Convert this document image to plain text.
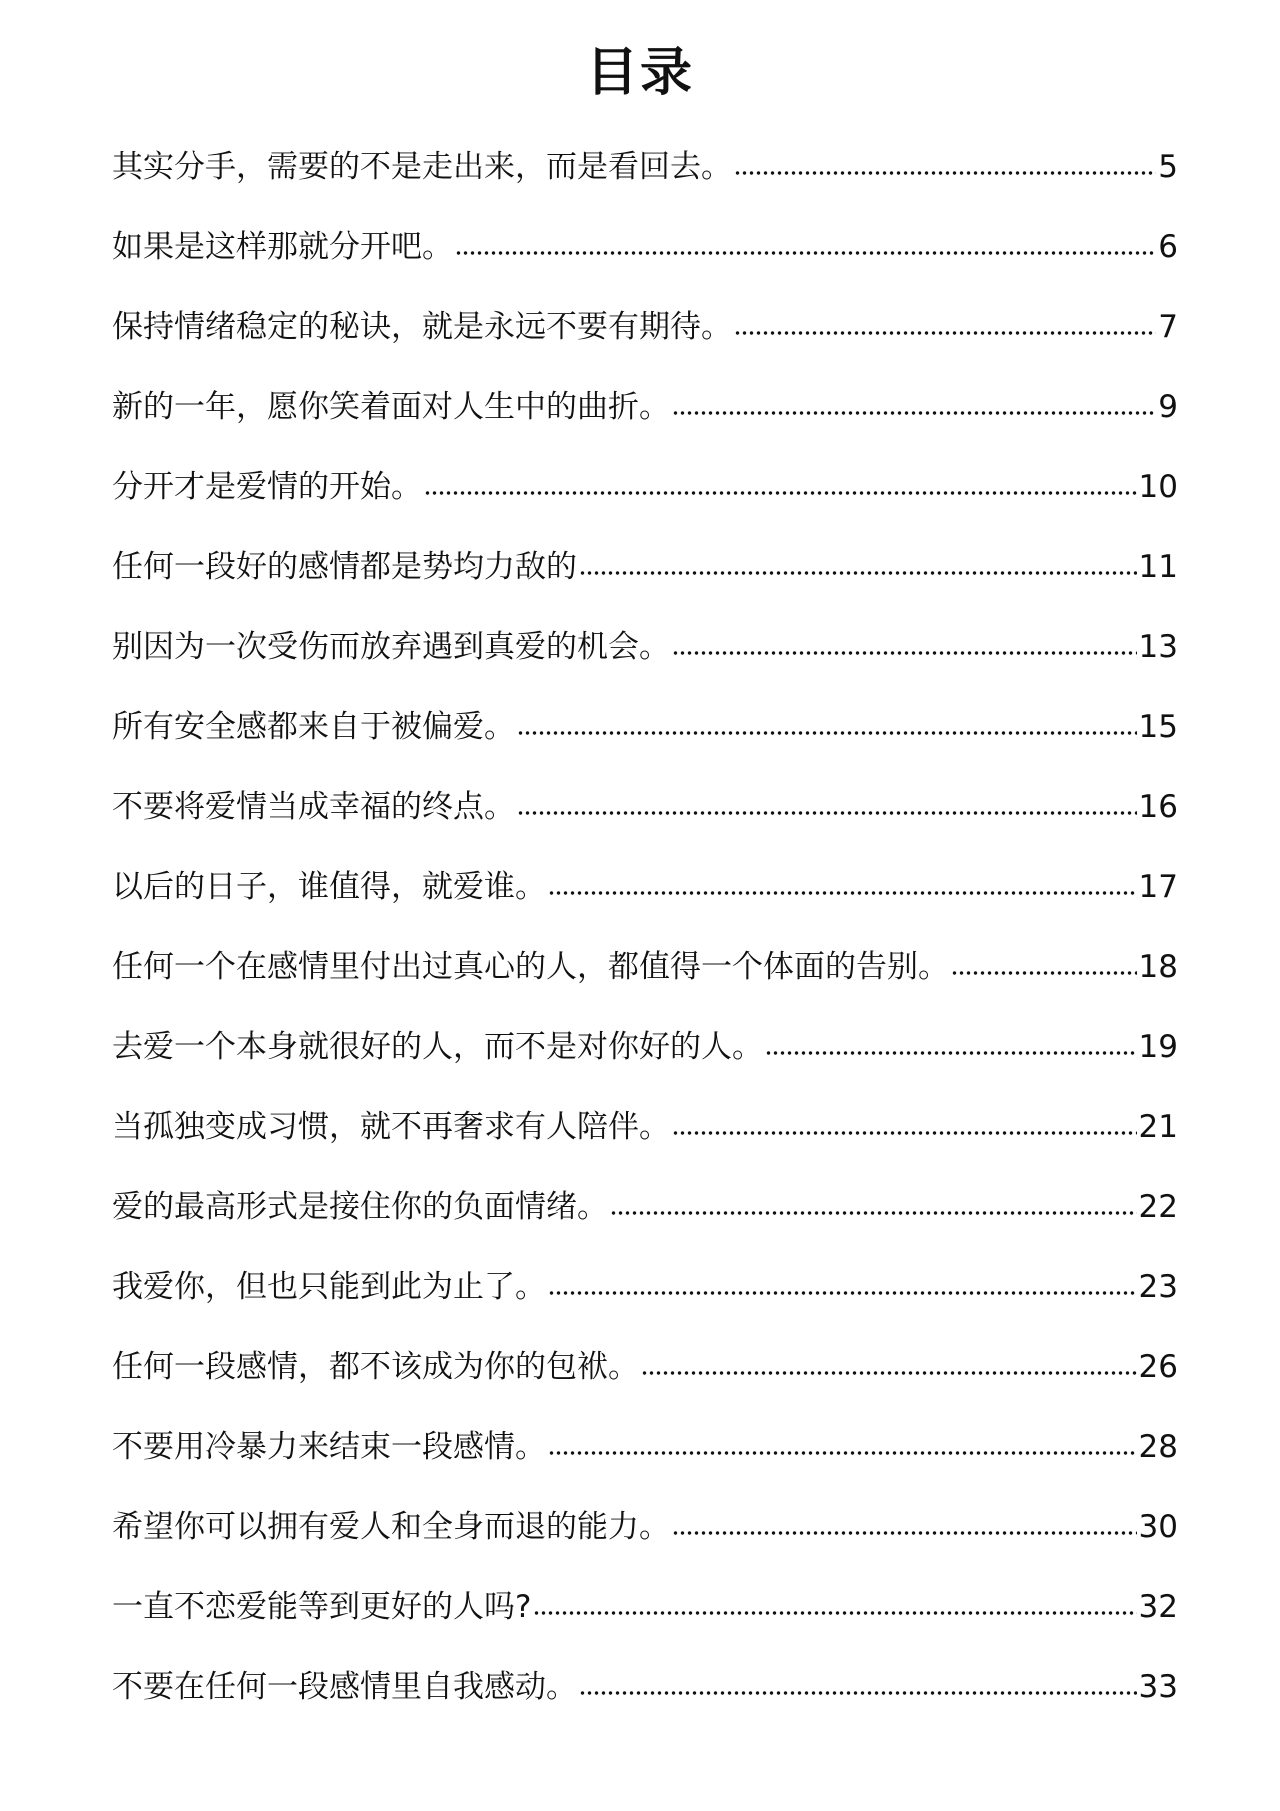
目录
其实分手，需要的不是走出来，而是看回去。	5
如果是这样那就分开吧。	6
保持情绪稳定的秘诀，就是永远不要有期待。	7
新的一年，愿你笑着面对人生中的曲折。	9
分开才是爱情的开始。	10
任何一段好的感情都是势均力敌的	11
别因为一次受伤而放弃遇到真爱的机会。	13
所有安全感都来自于被偏爱。	15
不要将爱情当成幸福的终点。	16
以后的日子，谁值得，就爱谁。	17
任何一个在感情里付出过真心的人，都值得一个体面的告别。	18
去爱一个本身就很好的人，而不是对你好的人。	19
当孤独变成习惯，就不再奢求有人陪伴。	21
爱的最高形式是接住你的负面情绪。	22
我爱你，但也只能到此为止了。	23
任何一段感情，都不该成为你的包袱。	26
不要用冷暴力来结束一段感情。	28
希望你可以拥有爱人和全身而退的能力。	30
一直不恋爱能等到更好的人吗?	32
不要在任何一段感情里自我感动。	33
